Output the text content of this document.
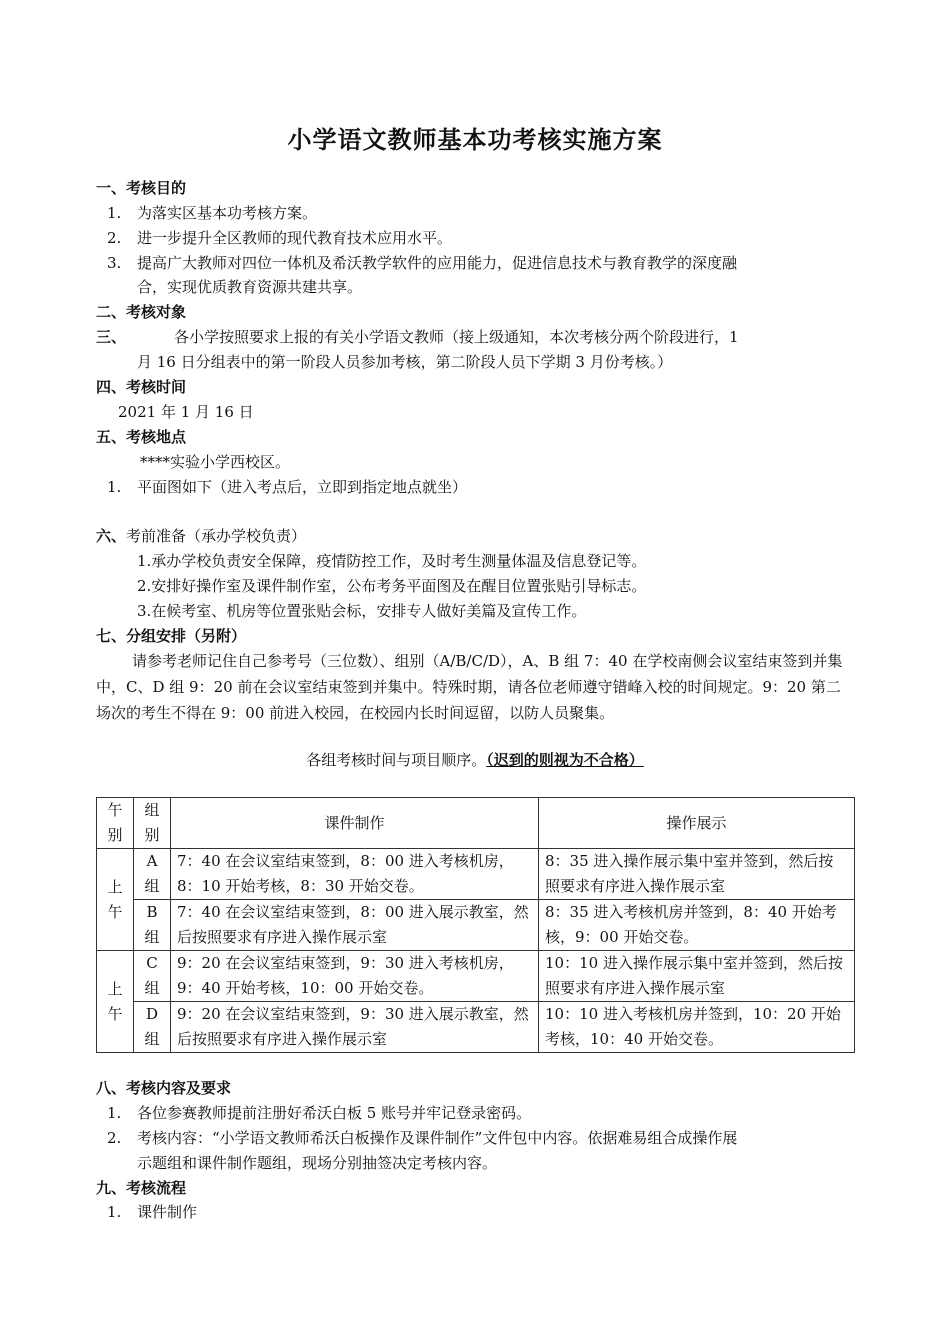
小学语文教师基本功考核实施方案
一、考核目的
1. 为落实区基本功考核方案。
2. 进一步提升全区教师的现代教育技术应用水平。
3. 提高广大教师对四位一体机及希沃教学软件的应用能力，促进信息技术与教育教学的深度融
合，实现优质教育资源共建共享。
二、考核对象
三、	各小学按照要求上报的有关小学语文教师（接上级通知，本次考核分两个阶段进行，1
月 16 日分组表中的第一阶段人员参加考核，第二阶段人员下学期 3 月份考核。）
四、考核时间
2021 年 1 月 16 日
五、考核地点
****实验小学西校区。
1. 平面图如下（进入考点后，立即到指定地点就坐）
六、考前准备（承办学校负责）
1.承办学校负责安全保障，疫情防控工作，及时考生测量体温及信息登记等。
2.安排好操作室及课件制作室，公布考务平面图及在醒目位置张贴引导标志。
3.在候考室、机房等位置张贴会标，安排专人做好美篇及宣传工作。
七、分组安排（另附）
请参考老师记住自己参考号（三位数）、组别（A/B/C/D），A、B 组 7：40 在学校南侧会议室结束签到并集中，C、D 组 9：20 前在会议室结束签到并集中。特殊时期，请各位老师遵守错峰入校的时间规定。9：20 第二场次的考生不得在 9：00 前进入校园，在校园内长时间逗留，以防人员聚集。
各组考核时间与项目顺序。（迟到的则视为不合格）
午别	组别	课件制作	操作展示
上午	A组	7：40 在会议室结束签到，8：00 进入考核机房，8：10 开始考核，8：30 开始交卷。	8：35 进入操作展示集中室并签到，然后按照要求有序进入操作展示室
	B组	7：40 在会议室结束签到，8：00 进入展示教室，然后按照要求有序进入操作展示室	8：35 进入考核机房并签到，8：40 开始考核，9：00 开始交卷。
上午	C组	9：20 在会议室结束签到，9：30 进入考核机房，9：40 开始考核，10：00 开始交卷。	10：10 进入操作展示集中室并签到，然后按照要求有序进入操作展示室
	D组	9：20 在会议室结束签到，9：30 进入展示教室，然后按照要求有序进入操作展示室	10：10 进入考核机房并签到，10：20 开始考核，10：40 开始交卷。
八、考核内容及要求
1. 各位参赛教师提前注册好希沃白板 5 账号并牢记登录密码。
2. 考核内容：“小学语文教师希沃白板操作及课件制作”文件包中内容。依据难易组合成操作展
示题组和课件制作题组，现场分别抽签决定考核内容。
九、考核流程
1. 课件制作
